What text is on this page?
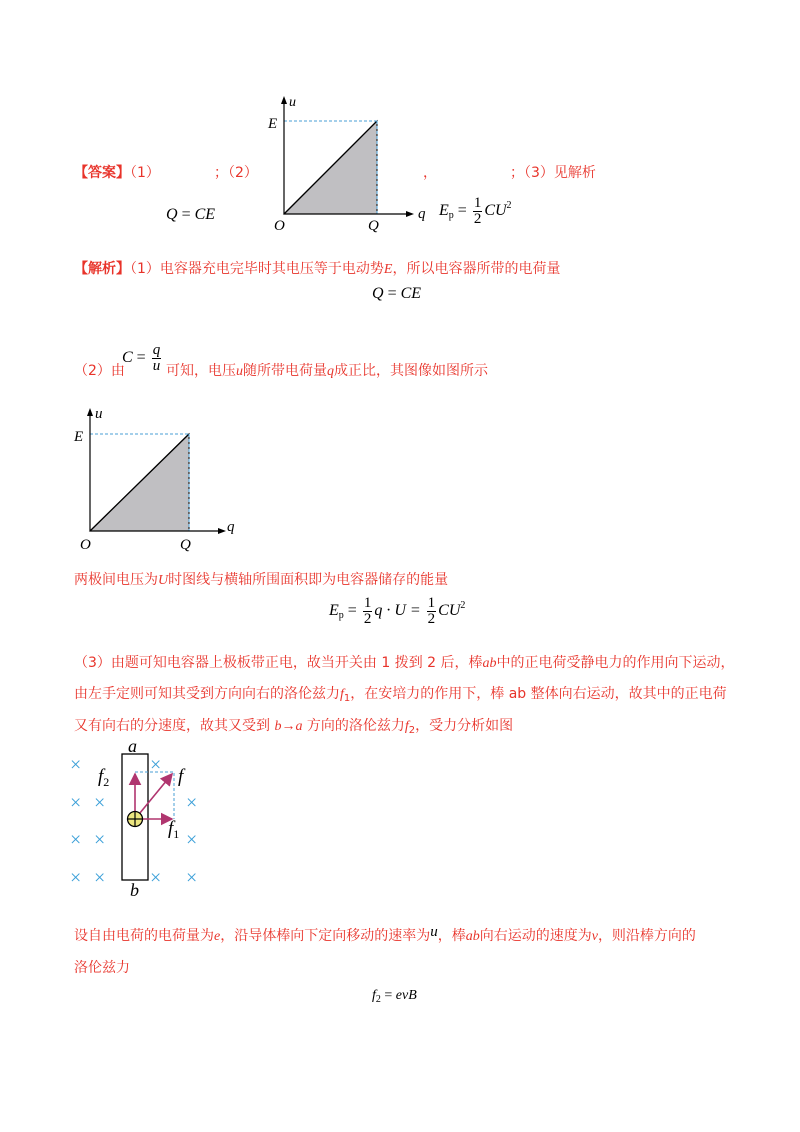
【答案】（1）	；（2）	，	；（3）见解析
Q = CE	$E_p = \frac{1}{2} CU^2$
u
E
O	Q
q
【解析】（1）电容器充电完毕时其电压等于电动势E，所以电容器所带的电荷量
Q = CE
（2）由
$C = \frac{q}{u}$ 可知，电压u随所带电荷量q成正比，其图像如图所示
u
E
O	Q
q
两极间电压为U时图线与横轴所围面积即为电容器储存的能量
$E_p = \frac{1}{2}$ $q \cdot U = \frac{1}{2} CU^2$
（3）由题可知电容器上极板带正电，故当开关由 1 拨到 2 后，棒ab中的正电荷受静电力的作用向下运动，
由左手定则可知其受到方向向右的洛伦兹力$f_1$，在安培力的作用下，棒 ab 整体向右运动，故其中的正电荷
又有向右的分速度，故其又受到 b→a 方向的洛伦兹力$f_2$，受力分析如图
×
×
×
×
×
×
×
×
×
×
×
×
a
b
f
$f_1$
$f_2$
设自由电荷的电荷量为e，沿导体棒向下定向移动的速率为u，棒ab向右运动的速度为v，则沿棒方向的
洛伦兹力
$f_2$ = evB
